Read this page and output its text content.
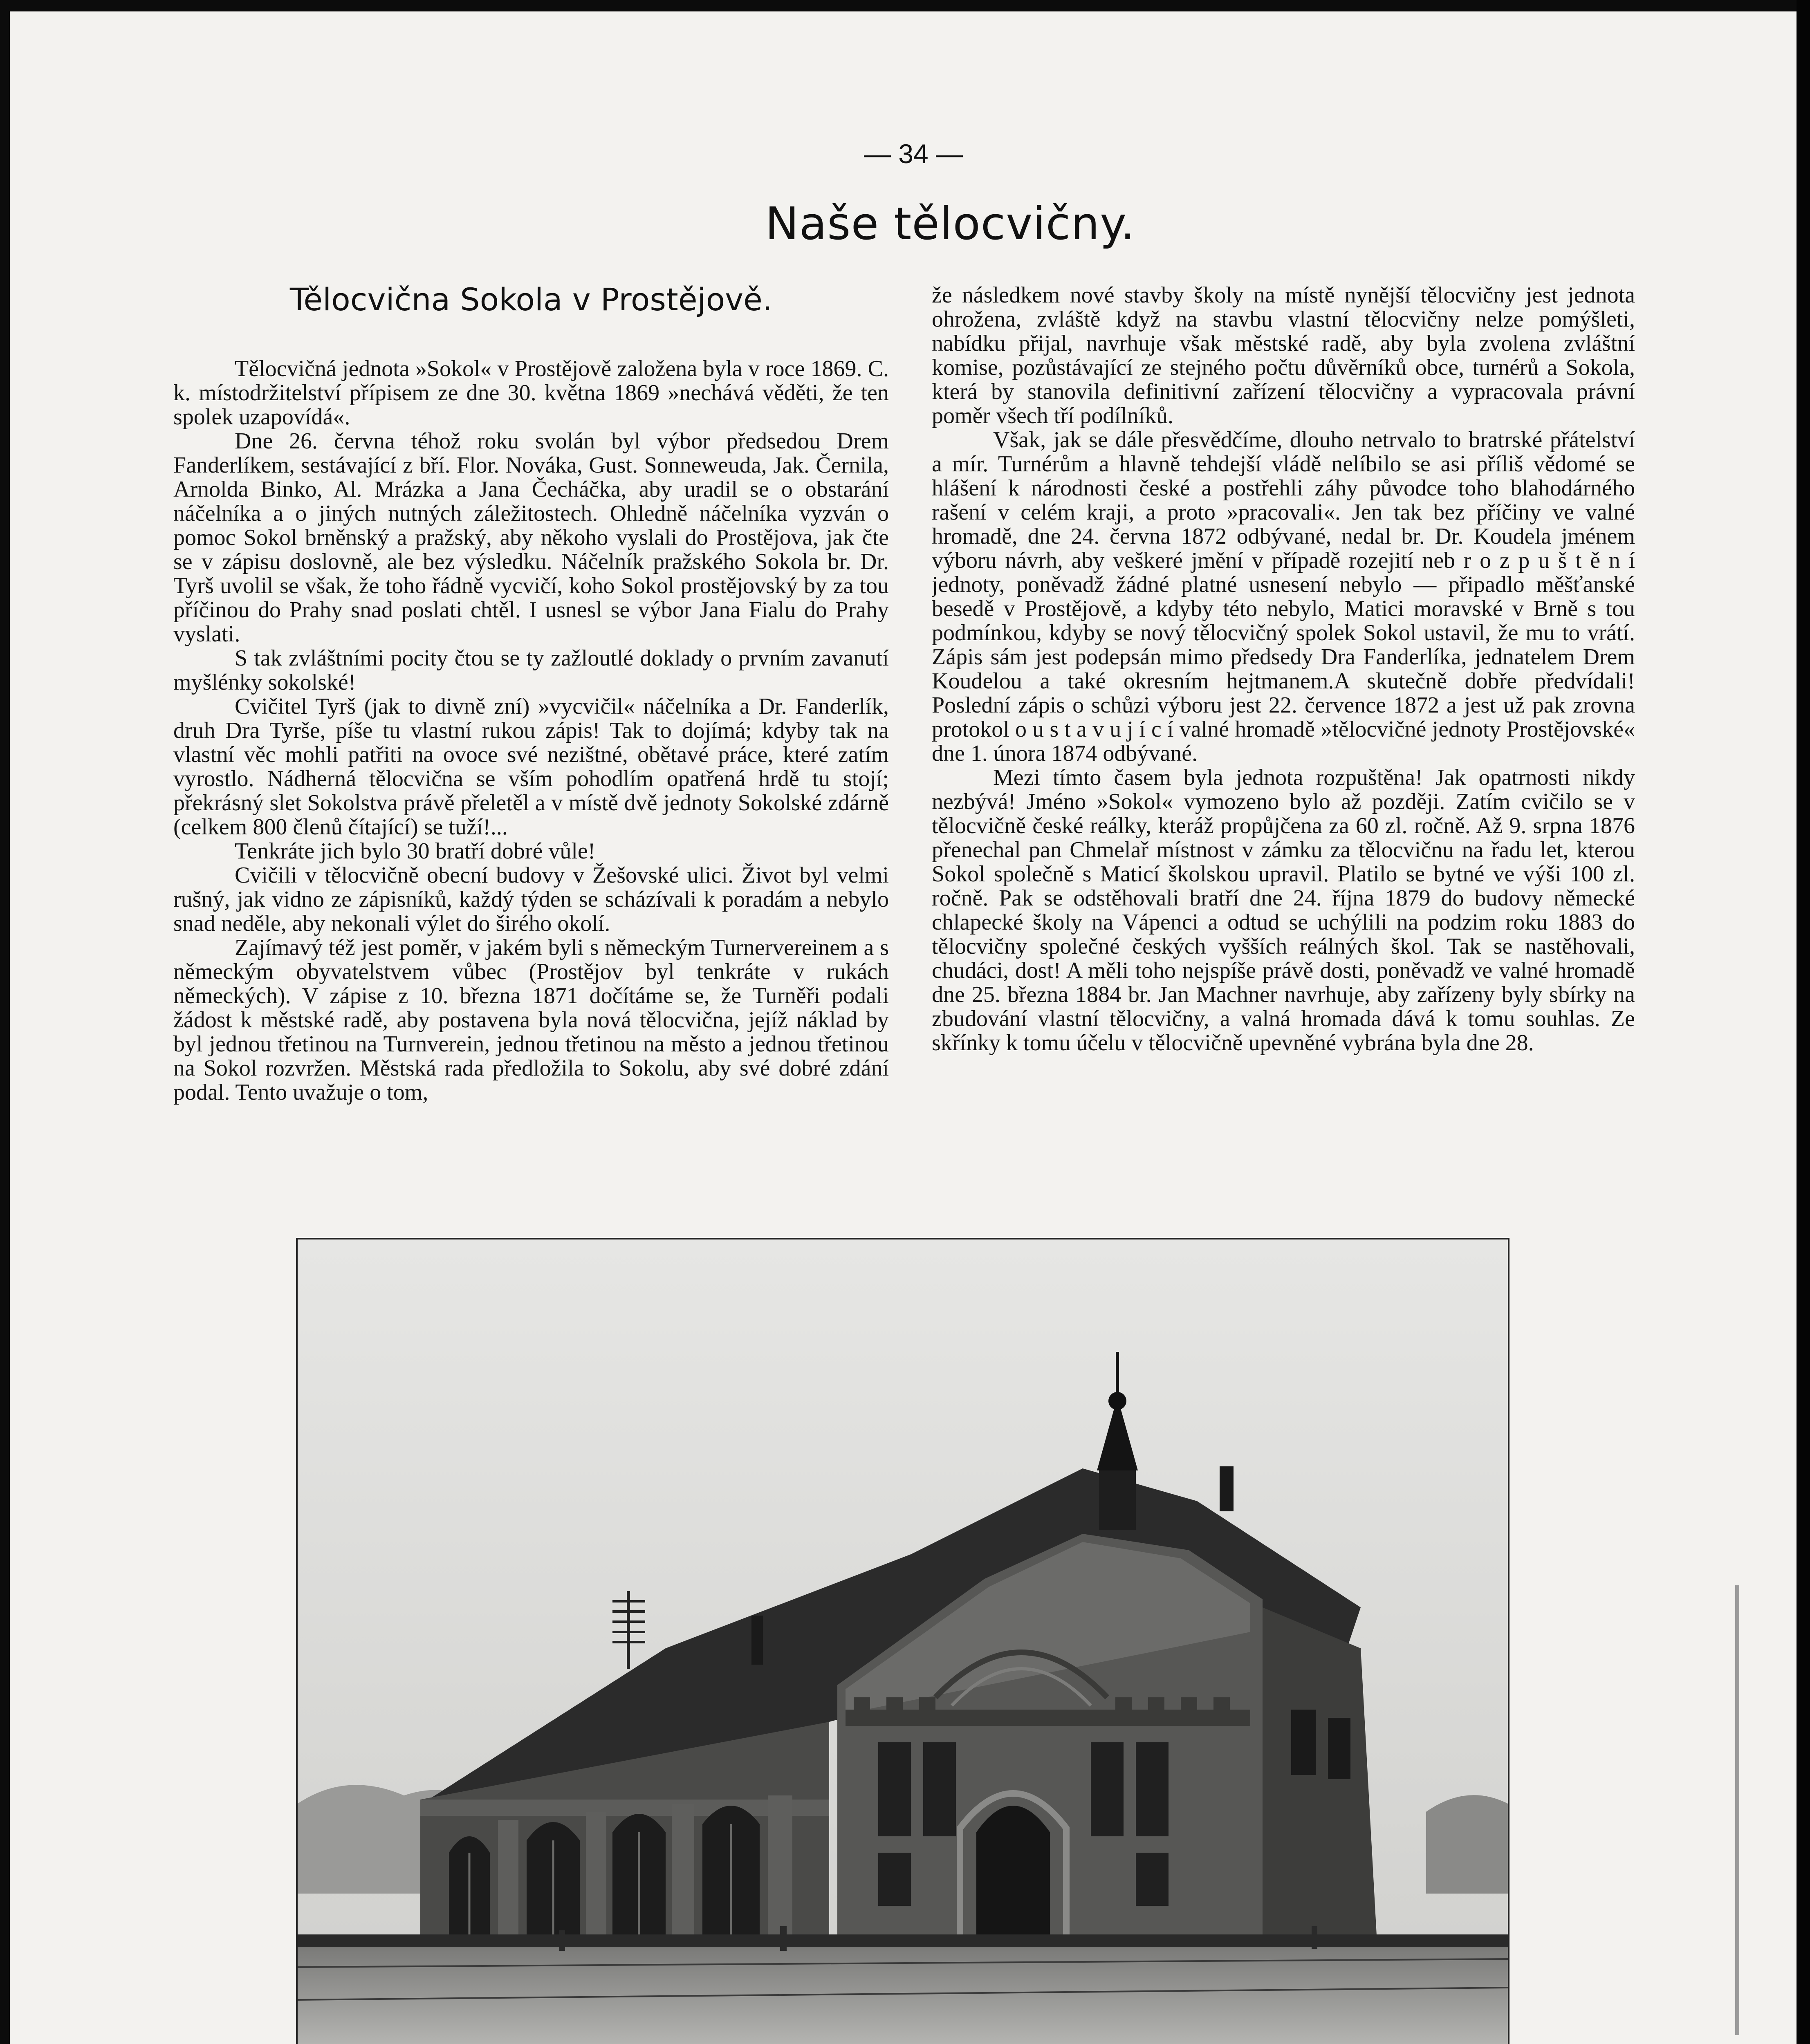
— 34 —
Naše tělocvičny.
Tělocvična Sokola v Prostějově.

Tělocvičná jednota »Sokol« v Prostějově založena byla v roce 1869. C. k. místodržitelství přípisem ze dne 30. května 1869 »nechává věděti, že ten spolek uzapovídá«.

Dne 26. června téhož roku svolán byl výbor předsedou Drem Fanderlíkem, sestávající z bří. Flor. Nováka, Gust. Sonneweuda, Jak. Černila, Arnolda Binko, Al. Mrázka a Jana Čecháčka, aby uradil se o obstarání náčelníka a o jiných nutných záležitostech. Ohledně náčelníka vyzván o pomoc Sokol brněnský a pražský, aby někoho vyslali do Prostějova, jak čte se v zápisu doslovně, ale bez výsledku. Náčelník pražského Sokola br. Dr. Tyrš uvolil se však, že toho řádně vycvičí, koho Sokol prostějovský by za tou příčinou do Prahy snad poslati chtěl. I usnesl se výbor Jana Fialu do Prahy vyslati.

S tak zvláštními pocity čtou se ty zažloutlé doklady o prvním zavanutí myšlénky sokolské!

Cvičitel Tyrš (jak to divně zní) »vycvičil« náčelníka a Dr. Fanderlík, druh Dra Tyrše, píše tu vlastní rukou zápis! Tak to dojímá; kdyby tak na vlastní věc mohli patřiti na ovoce své nezištné, obětavé práce, které zatím vyrostlo. Nádherná tělocvična se vším pohodlím opatřená hrdě tu stojí; překrásný slet Sokolstva právě přeletěl a v místě dvě jednoty Sokolské zdárně (celkem 800 členů čítající) se tuží!...

Tenkráte jich bylo 30 bratří dobré vůle!

Cvičili v tělocvičně obecní budovy v Žešovské ulici. Život byl velmi rušný, jak vidno ze zápisníků, každý týden se scházívali k poradám a nebylo snad neděle, aby nekonali výlet do širého okolí.

Zajímavý též jest poměr, v jakém byli s německým Turnervereinem a s německým obyvatelstvem vůbec (Prostějov byl tenkráte v rukách německých). V zápise z 10. března 1871 dočítáme se, že Turněři podali žádost k městské radě, aby postavena byla nová tělocvična, jejíž náklad by byl jednou třetinou na Turnverein, jednou třetinou na město a jednou třetinou na Sokol rozvržen. Městská rada předložila to Sokolu, aby své dobré zdání podal. Tento uvažuje o tom,

že následkem nové stavby školy na místě nynější tělocvičny jest jednota ohrožena, zvláště když na stavbu vlastní tělocvičny nelze pomýšleti, nabídku přijal, navrhuje však městské radě, aby byla zvolena zvláštní komise, pozůstávající ze stejného počtu důvěrníků obce, turnérů a Sokola, která by stanovila definitivní zařízení tělocvičny a vypracovala právní poměr všech tří podílníků.

Však, jak se dále přesvědčíme, dlouho netrvalo to bratrské přátelství a mír. Turnérům a hlavně tehdejší vládě nelíbilo se asi příliš vědomé se hlášení k národnosti české a postřehli záhy původce toho blahodárného rašení v celém kraji, a proto »pracovali«. Jen tak bez příčiny ve valné hromadě, dne 24. června 1872 odbývané, nedal br. Dr. Koudela jménem výboru návrh, aby veškeré jmění v případě rozejití neb r o z p u š t ě n í jednoty, poněvadž žádné platné usnesení nebylo — připadlo měšťanské besedě v Prostějově, a kdyby této nebylo, Matici moravské v Brně s tou podmínkou, kdyby se nový tělocvičný spolek Sokol ustavil, že mu to vrátí. Zápis sám jest podepsán mimo předsedy Dra Fanderlíka, jednatelem Drem Koudelou a také okresním hejtmanem.A skutečně dobře předvídali! Poslední zápis o schůzi výboru jest 22. července 1872 a jest už pak zrovna protokol o u s t a v u j í c í valné hromadě »tělocvičné jednoty Prostějovské« dne 1. února 1874 odbývané.

Mezi tímto časem byla jednota rozpuštěna! Jak opatrnosti nikdy nezbývá! Jméno »Sokol« vymozeno bylo až později. Zatím cvičilo se v tělocvičně české reálky, kteráž propůjčena za 60 zl. ročně. Až 9. srpna 1876 přenechal pan Chmelař místnost v zámku za tělocvičnu na řadu let, kterou Sokol společně s Maticí školskou upravil. Platilo se bytné ve výši 100 zl. ročně. Pak se odstěhovali bratří dne 24. října 1879 do budovy německé chlapecké školy na Vápenci a odtud se uchýlili na podzim roku 1883 do tělocvičny společné českých vyšších reálných škol. Tak se nastěhovali, chudáci, dost! A měli toho nejspíše právě dosti, poněvadž ve valné hromadě dne 25. března 1884 br. Jan Machner navrhuje, aby zařízeny byly sbírky na zbudování vlastní tělocvičny, a valná hromada dává k tomu souhlas. Ze skřínky k tomu účelu v tělocvičně upevněné vybrána byla dne 28.
